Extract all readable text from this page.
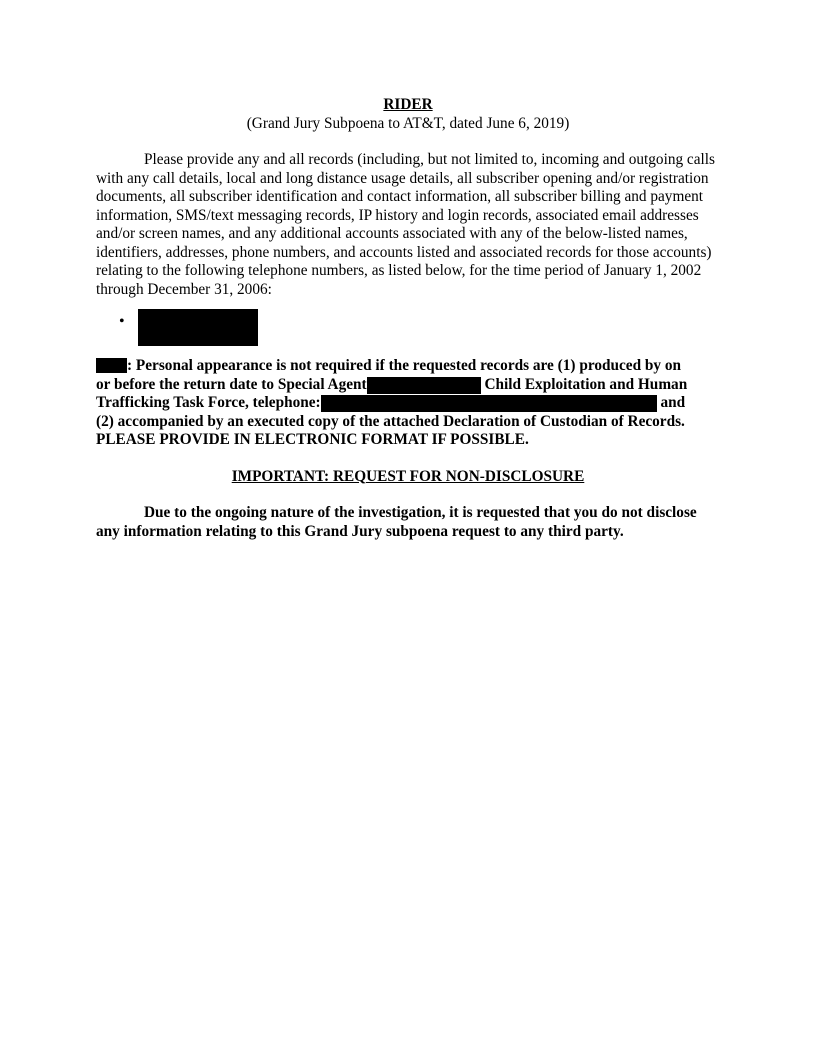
RIDER

(Grand Jury Subpoena to AT&T, dated June 6, 2019)

Please provide any and all records (including, but not limited to, incoming and outgoing calls with any call details, local and long distance usage details, all subscriber opening and/or registration documents, all subscriber identification and contact information, all subscriber billing and payment information, SMS/text messaging records, IP history and login records, associated email addresses and/or screen names, and any additional accounts associated with any of the below-listed names, identifiers, addresses, phone numbers, and accounts listed and associated records for those accounts) relating to the following telephone numbers, as listed below, for the time period of January 1, 2002 through December 31, 2006:

•
: Personal appearance is not required if the requested records are (1) produced by on
or before the return date to Special Agent	Child Exploitation and Human
Trafficking Task Force, telephone:	and
(2) accompanied by an executed copy of the attached Declaration of Custodian of Records.
PLEASE PROVIDE IN ELECTRONIC FORMAT IF POSSIBLE.

IMPORTANT: REQUEST FOR NON-DISCLOSURE

Due to the ongoing nature of the investigation, it is requested that you do not disclose any information relating to this Grand Jury subpoena request to any third party.
